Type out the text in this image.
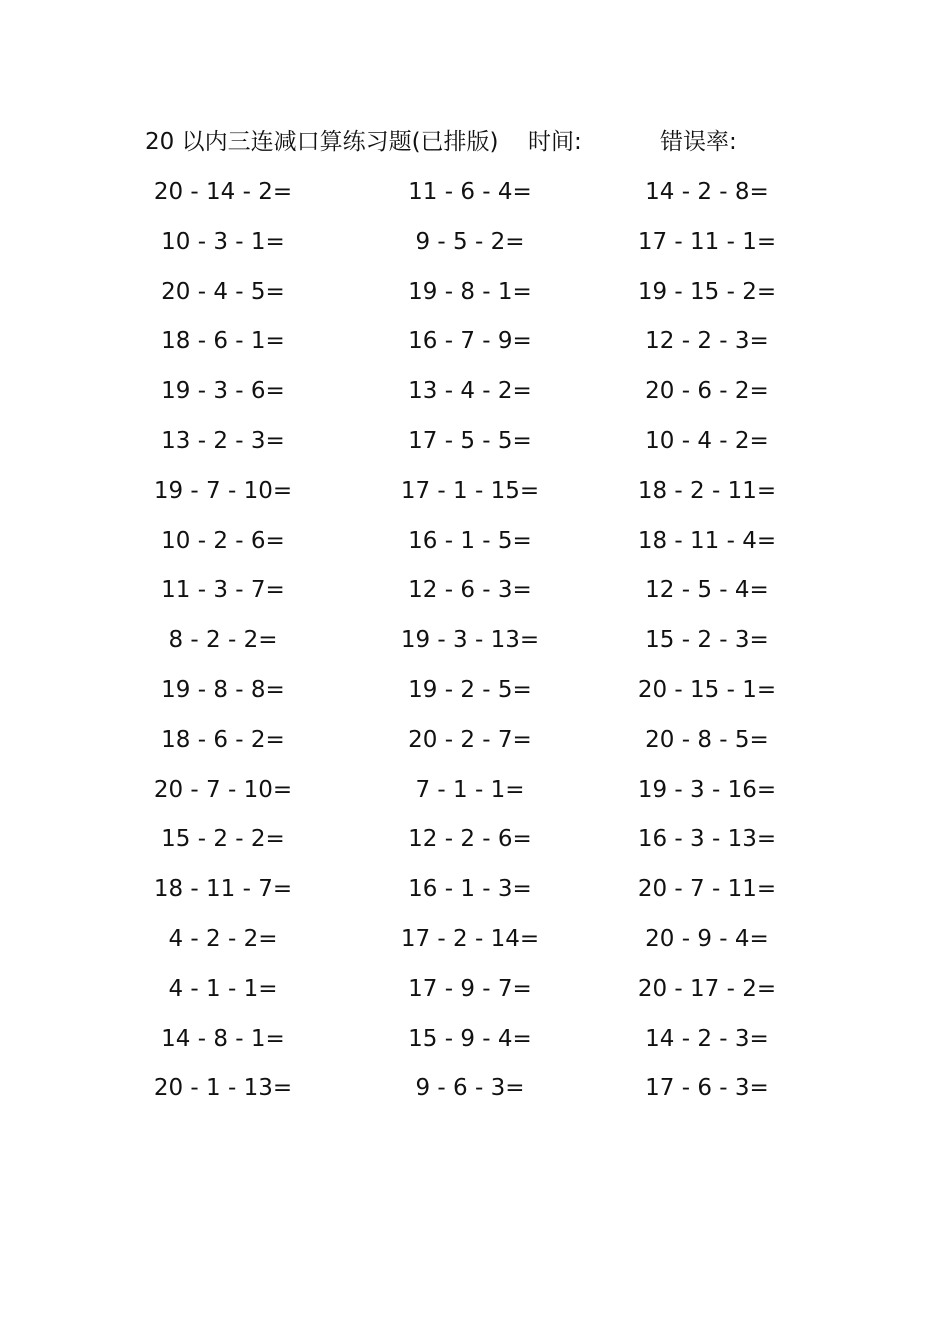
20 以内三连减口算练习题(已排版) 时间:	错误率:
20 - 14 - 2=	11 - 6 - 4=	14 - 2 - 8=
10 - 3 - 1=	9 - 5 - 2=	17 - 11 - 1=
20 - 4 - 5=	19 - 8 - 1=	19 - 15 - 2=
18 - 6 - 1=	16 - 7 - 9=	12 - 2 - 3=
19 - 3 - 6=	13 - 4 - 2=	20 - 6 - 2=
13 - 2 - 3=	17 - 5 - 5=	10 - 4 - 2=
19 - 7 - 10=	17 - 1 - 15=	18 - 2 - 11=
10 - 2 - 6=	16 - 1 - 5=	18 - 11 - 4=
11 - 3 - 7=	12 - 6 - 3=	12 - 5 - 4=
8 - 2 - 2=	19 - 3 - 13=	15 - 2 - 3=
19 - 8 - 8=	19 - 2 - 5=	20 - 15 - 1=
18 - 6 - 2=	20 - 2 - 7=	20 - 8 - 5=
20 - 7 - 10=	7 - 1 - 1=	19 - 3 - 16=
15 - 2 - 2=	12 - 2 - 6=	16 - 3 - 13=
18 - 11 - 7=	16 - 1 - 3=	20 - 7 - 11=
4 - 2 - 2=	17 - 2 - 14=	20 - 9 - 4=
4 - 1 - 1=	17 - 9 - 7=	20 - 17 - 2=
14 - 8 - 1=	15 - 9 - 4=	14 - 2 - 3=
20 - 1 - 13=	9 - 6 - 3=	17 - 6 - 3=
